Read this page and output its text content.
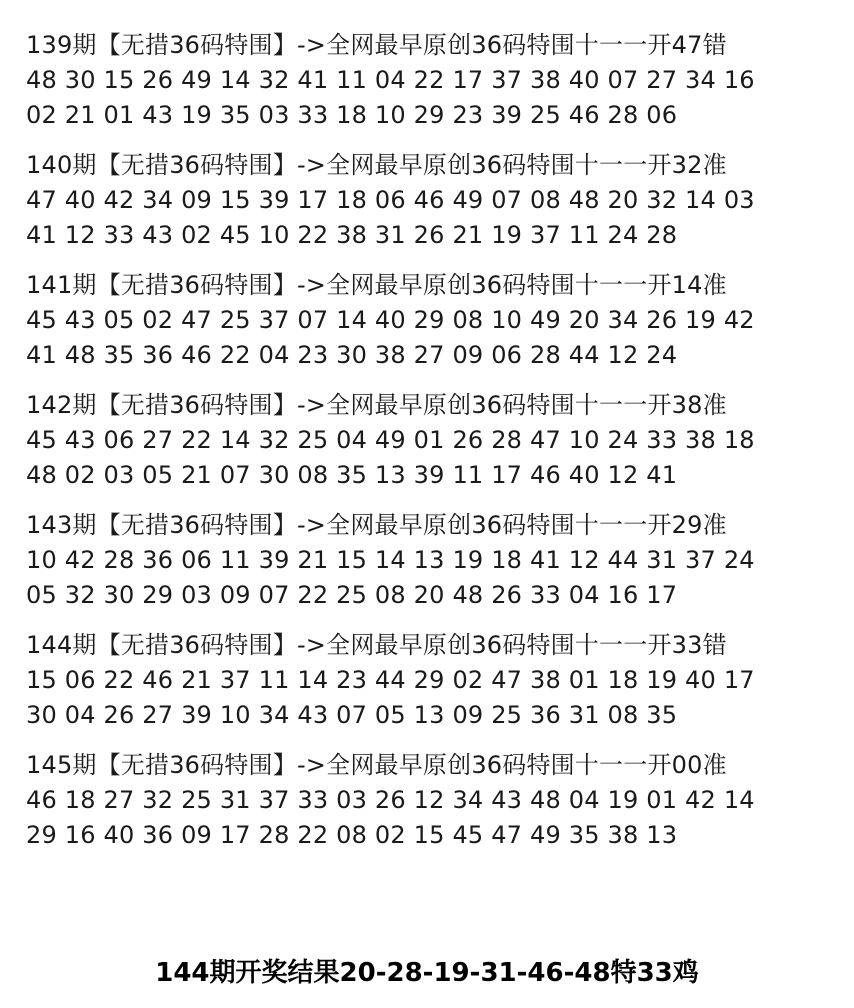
139期【无措36码特围】->全网最早原创36码特围十一一开47错
48 30 15 26 49 14 32 41 11 04 22 17 37 38 40 07 27 34 16
02 21 01 43 19 35 03 33 18 10 29 23 39 25 46 28 06
140期【无措36码特围】->全网最早原创36码特围十一一开32准
47 40 42 34 09 15 39 17 18 06 46 49 07 08 48 20 32 14 03
41 12 33 43 02 45 10 22 38 31 26 21 19 37 11 24 28
141期【无措36码特围】->全网最早原创36码特围十一一开14准
45 43 05 02 47 25 37 07 14 40 29 08 10 49 20 34 26 19 42
41 48 35 36 46 22 04 23 30 38 27 09 06 28 44 12 24
142期【无措36码特围】->全网最早原创36码特围十一一开38准
45 43 06 27 22 14 32 25 04 49 01 26 28 47 10 24 33 38 18
48 02 03 05 21 07 30 08 35 13 39 11 17 46 40 12 41
143期【无措36码特围】->全网最早原创36码特围十一一开29准
10 42 28 36 06 11 39 21 15 14 13 19 18 41 12 44 31 37 24
05 32 30 29 03 09 07 22 25 08 20 48 26 33 04 16 17
144期【无措36码特围】->全网最早原创36码特围十一一开33错
15 06 22 46 21 37 11 14 23 44 29 02 47 38 01 18 19 40 17
30 04 26 27 39 10 34 43 07 05 13 09 25 36 31 08 35
145期【无措36码特围】->全网最早原创36码特围十一一开00准
46 18 27 32 25 31 37 33 03 26 12 34 43 48 04 19 01 42 14
29 16 40 36 09 17 28 22 08 02 15 45 47 49 35 38 13
144期开奖结果20-28-19-31-46-48特33鸡
